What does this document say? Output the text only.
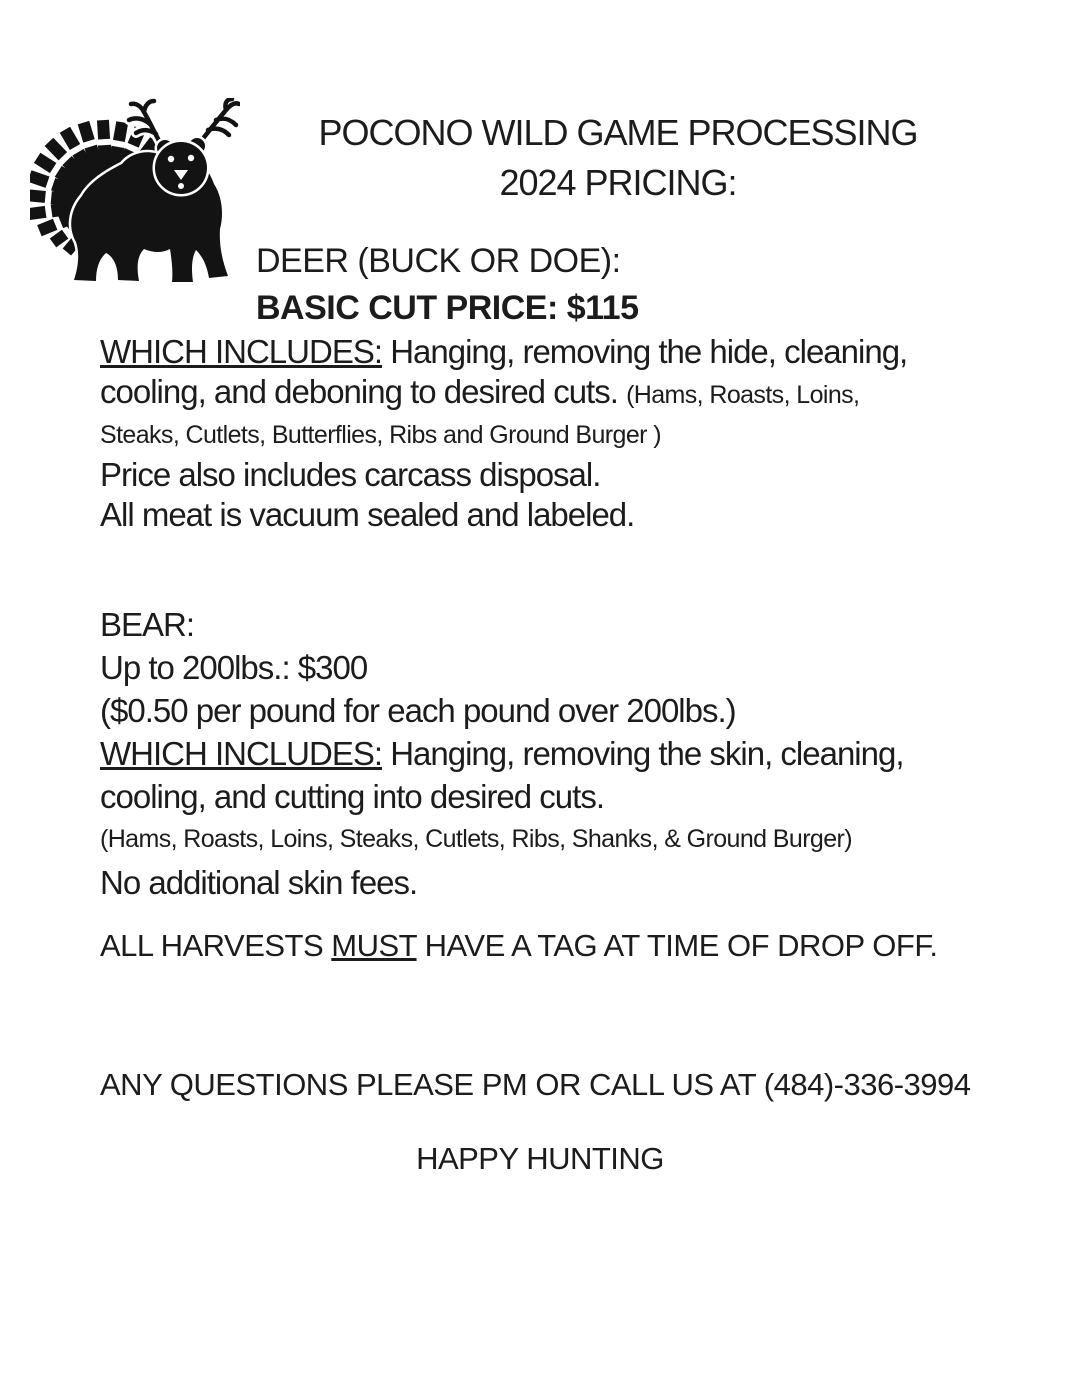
POCONO WILD GAME PROCESSING
2024 PRICING:
DEER (BUCK OR DOE):
BASIC CUT PRICE: $115
WHICH INCLUDES: Hanging, removing the hide, cleaning,
cooling, and deboning to desired cuts. (Hams, Roasts, Loins,
Steaks, Cutlets, Butterflies, Ribs and Ground Burger )
Price also includes carcass disposal.
All meat is vacuum sealed and labeled.
BEAR:
Up to 200lbs.: $300
($0.50 per pound for each pound over 200lbs.)
WHICH INCLUDES: Hanging, removing the skin, cleaning,
cooling, and cutting into desired cuts.
(Hams, Roasts, Loins, Steaks, Cutlets, Ribs, Shanks, & Ground Burger)
No additional skin fees.
ALL HARVESTS MUST HAVE A TAG AT TIME OF DROP OFF.
ANY QUESTIONS PLEASE PM OR CALL US AT (484)-336-3994
HAPPY HUNTING
